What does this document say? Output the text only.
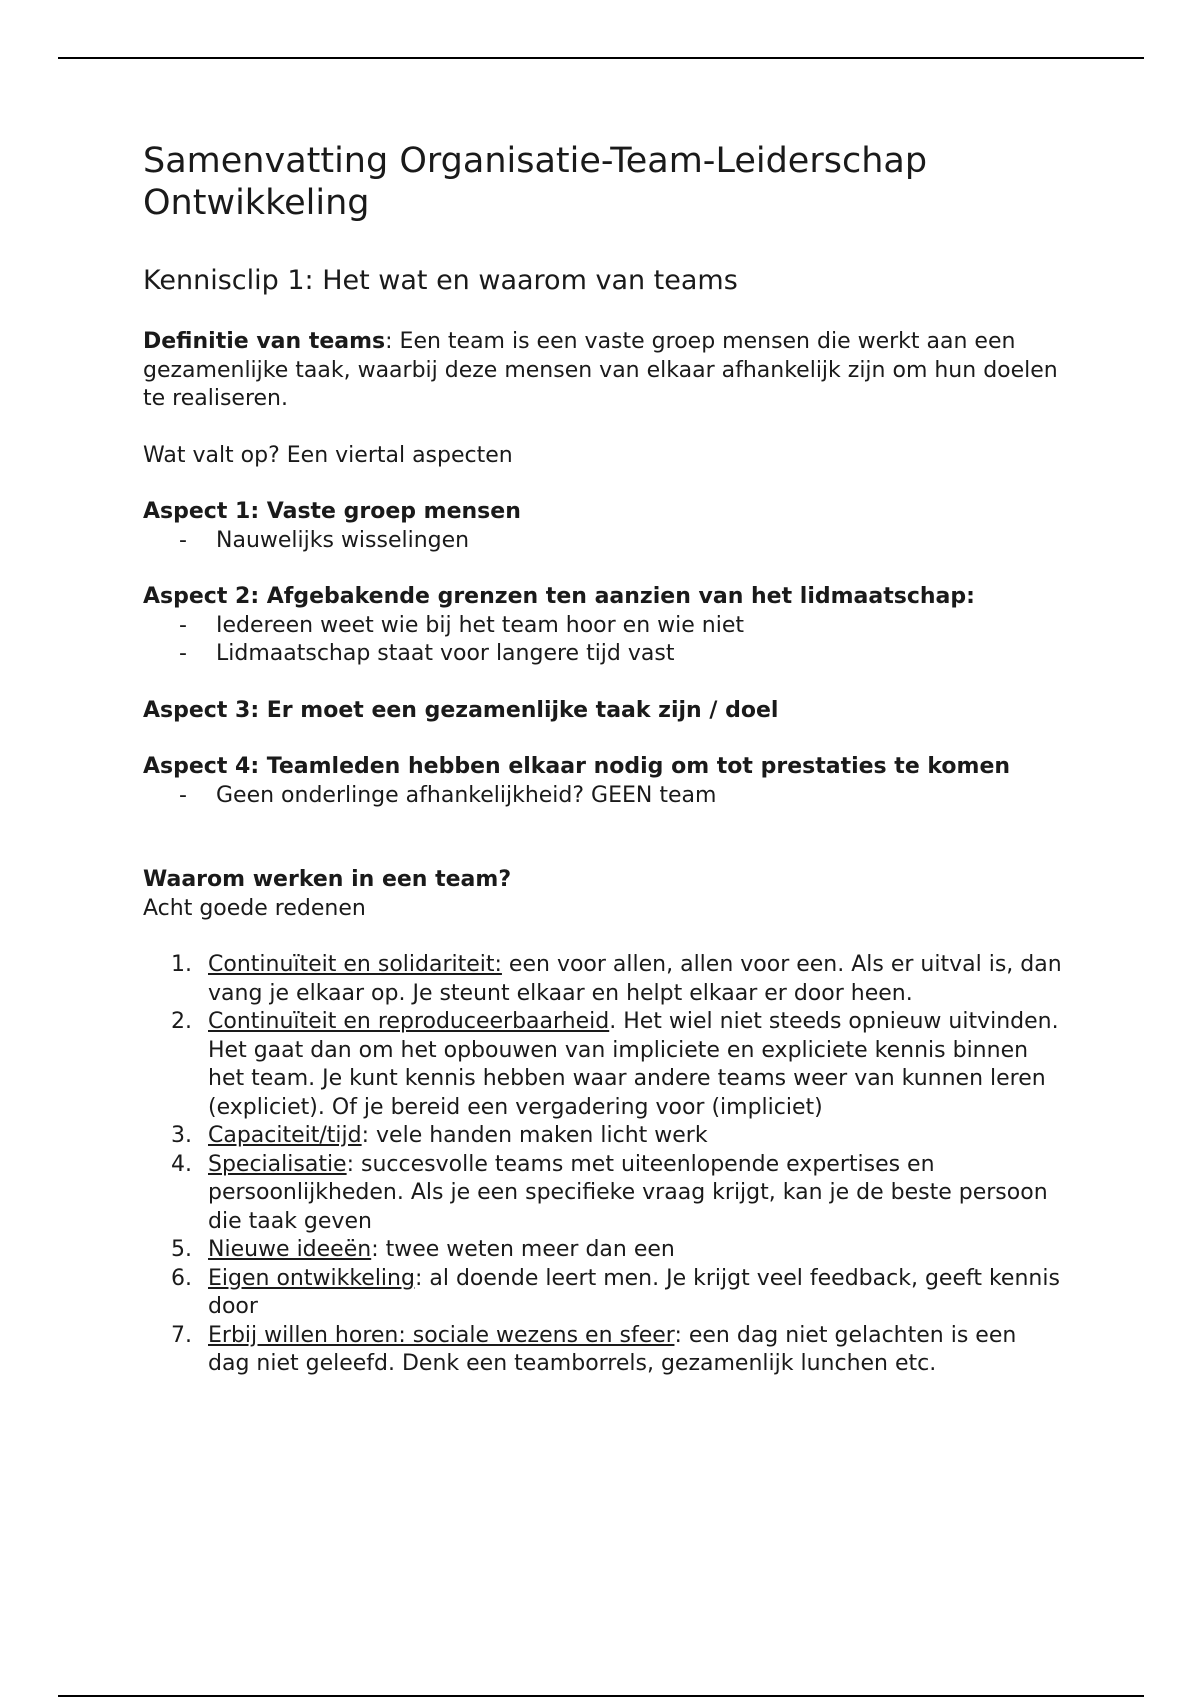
Samenvatting Organisatie-Team-Leiderschap Ontwikkeling
Kennisclip 1: Het wat en waarom van teams

Definitie van teams: Een team is een vaste groep mensen die werkt aan een gezamenlijke taak, waarbij deze mensen van elkaar afhankelijk zijn om hun doelen te realiseren.

Wat valt op? Een viertal aspecten

Aspect 1: Vaste groep mensen

- Nauwelijks wisselingen

Aspect 2: Afgebakende grenzen ten aanzien van het lidmaatschap:

- Iedereen weet wie bij het team hoor en wie niet
- Lidmaatschap staat voor langere tijd vast

Aspect 3: Er moet een gezamenlijke taak zijn / doel

Aspect 4: Teamleden hebben elkaar nodig om tot prestaties te komen

- Geen onderlinge afhankelijkheid? GEEN team

Waarom werken in een team?

Acht goede redenen

1. Continuïteit en solidariteit: een voor allen, allen voor een. Als er uitval is, dan vang je elkaar op. Je steunt elkaar en helpt elkaar er door heen.
2. Continuïteit en reproduceerbaarheid. Het wiel niet steeds opnieuw uitvinden. Het gaat dan om het opbouwen van impliciete en expliciete kennis binnen het team. Je kunt kennis hebben waar andere teams weer van kunnen leren (expliciet). Of je bereid een vergadering voor (impliciet)
3. Capaciteit/tijd: vele handen maken licht werk
4. Specialisatie: succesvolle teams met uiteenlopende expertises en persoonlijkheden. Als je een specifieke vraag krijgt, kan je de beste persoon die taak geven
5. Nieuwe ideeën: twee weten meer dan een
6. Eigen ontwikkeling: al doende leert men. Je krijgt veel feedback, geeft kennis door
7. Erbij willen horen: sociale wezens en sfeer: een dag niet gelachten is een dag niet geleefd. Denk een teamborrels, gezamenlijk lunchen etc.
